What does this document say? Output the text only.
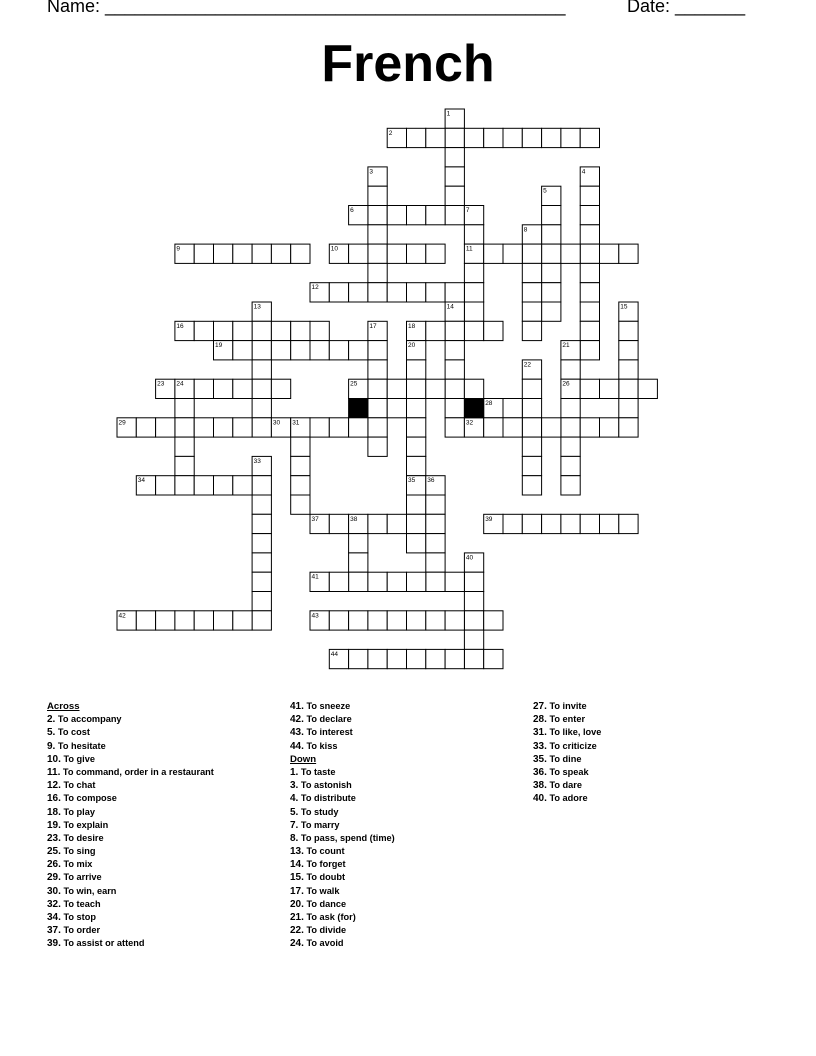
Name: ______________________________________________	Date: _______
French
1
2
3	4
5
6	7
8
9	10	11
12
13	14	15
16	17	18
19	20	21
22
23 24	25	26
27	28
29	30 31	32
33
34	35 36
37	38	39
40
41
42	43
44
Across
2. To accompany
5. To cost
9. To hesitate
10. To give
11. To command, order in a restaurant
12. To chat
16. To compose
18. To play
19. To explain
23. To desire
25. To sing
26. To mix
29. To arrive
30. To win, earn
32. To teach
34. To stop
37. To order
39. To assist or attend
41. To sneeze
42. To declare
43. To interest
44. To kiss
Down
1. To taste
3. To astonish
4. To distribute
5. To study
7. To marry
8. To pass, spend (time)
13. To count
14. To forget
15. To doubt
17. To walk
20. To dance
21. To ask (for)
22. To divide
24. To avoid
27. To invite
28. To enter
31. To like, love
33. To criticize
35. To dine
36. To speak
38. To dare
40. To adore
